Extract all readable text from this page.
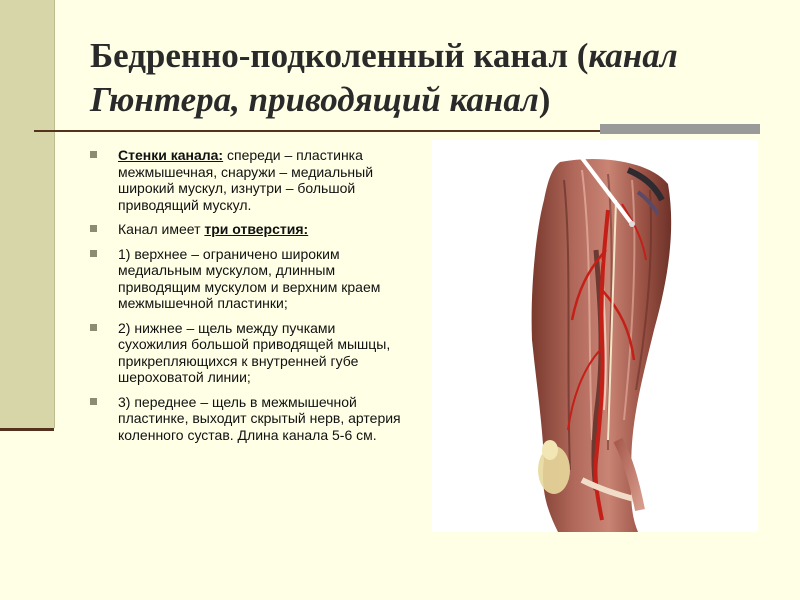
Бедренно-подколенный канал (канал Гюнтера, приводящий канал)
Стенки канала: спереди – пластинка межмышечная, снаружи – медиальный широкий мускул, изнутри – большой приводящий мускул.
Канал имеет три отверстия:
1) верхнее – ограничено широким медиальным мускулом, длинным приводящим мускулом и верхним краем межмышечной пластинки;
2) нижнее – щель между пучками сухожилия большой приводящей мышцы, прикрепляющихся к внутренней губе шероховатой линии;
3) переднее – щель в межмышечной пластинке, выходит скрытый нерв, артерия коленного сустав. Длина канала 5-6 см.
